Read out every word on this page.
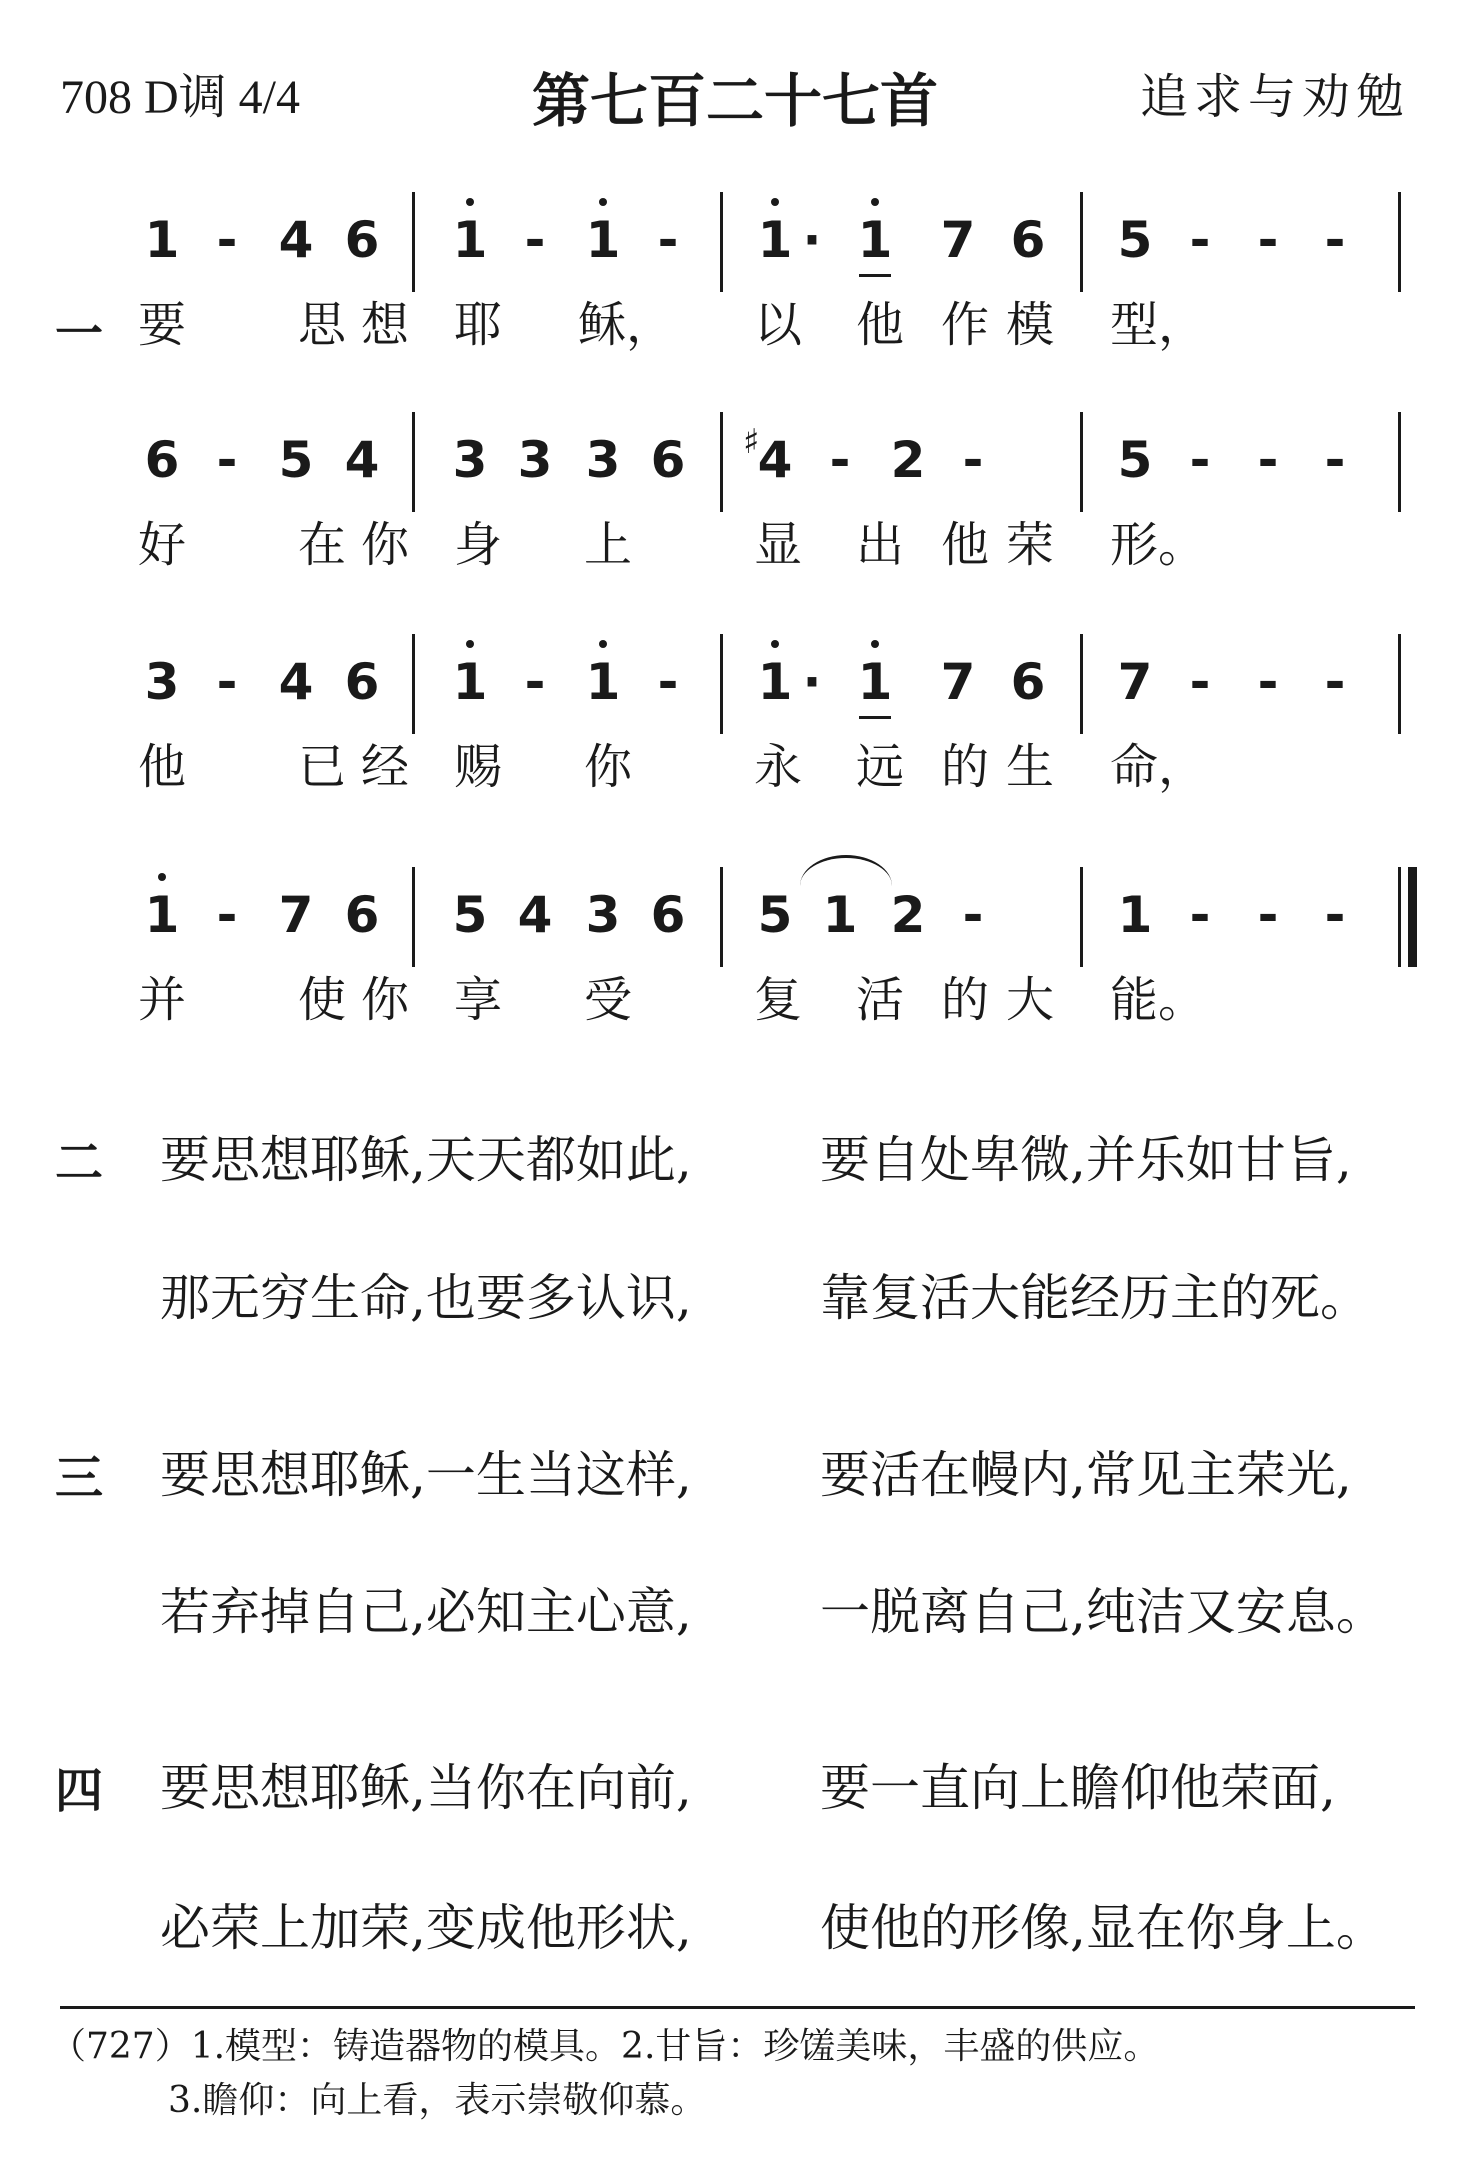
708 D调 4/4	第七百二十七首	追求与劝勉
1 - 4 6 1 - 1 -	1 · 1 7 6 5 - - -
一 要 思 想 耶 稣， 以 他 作 模 型，
6 - 5 4 3 3 3 6 4
♯	- 2 -	5 - - -
好 在 你 身 上	显 出 他 荣 形。
3 - 4 6 1 - 1 -	1 · 1 7 6 7 - - -
他 已 经 赐 你	永 远 的 生 命，
1 - 7 6 5 4 3 6 5 1 2 -	1 - - -
并 使 你 享 受	复 活 的 大 能。
二 要思想耶稣,天天都如此,	要自处卑微,并乐如甘旨,
那无穷生命,也要多认识,	靠复活大能经历主的死。
三 要思想耶稣,一生当这样,	要活在幔内,常见主荣光,
若弃掉自己,必知主心意,	一脱离自己,纯洁又安息。
四 要思想耶稣,当你在向前,	要一直向上瞻仰他荣面,
必荣上加荣,变成他形状,	使他的形像,显在你身上。
（727）1.模型：铸造器物的模具。2.甘旨：珍馐美味，丰盛的供应。
3.瞻仰：向上看，表示崇敬仰慕。
